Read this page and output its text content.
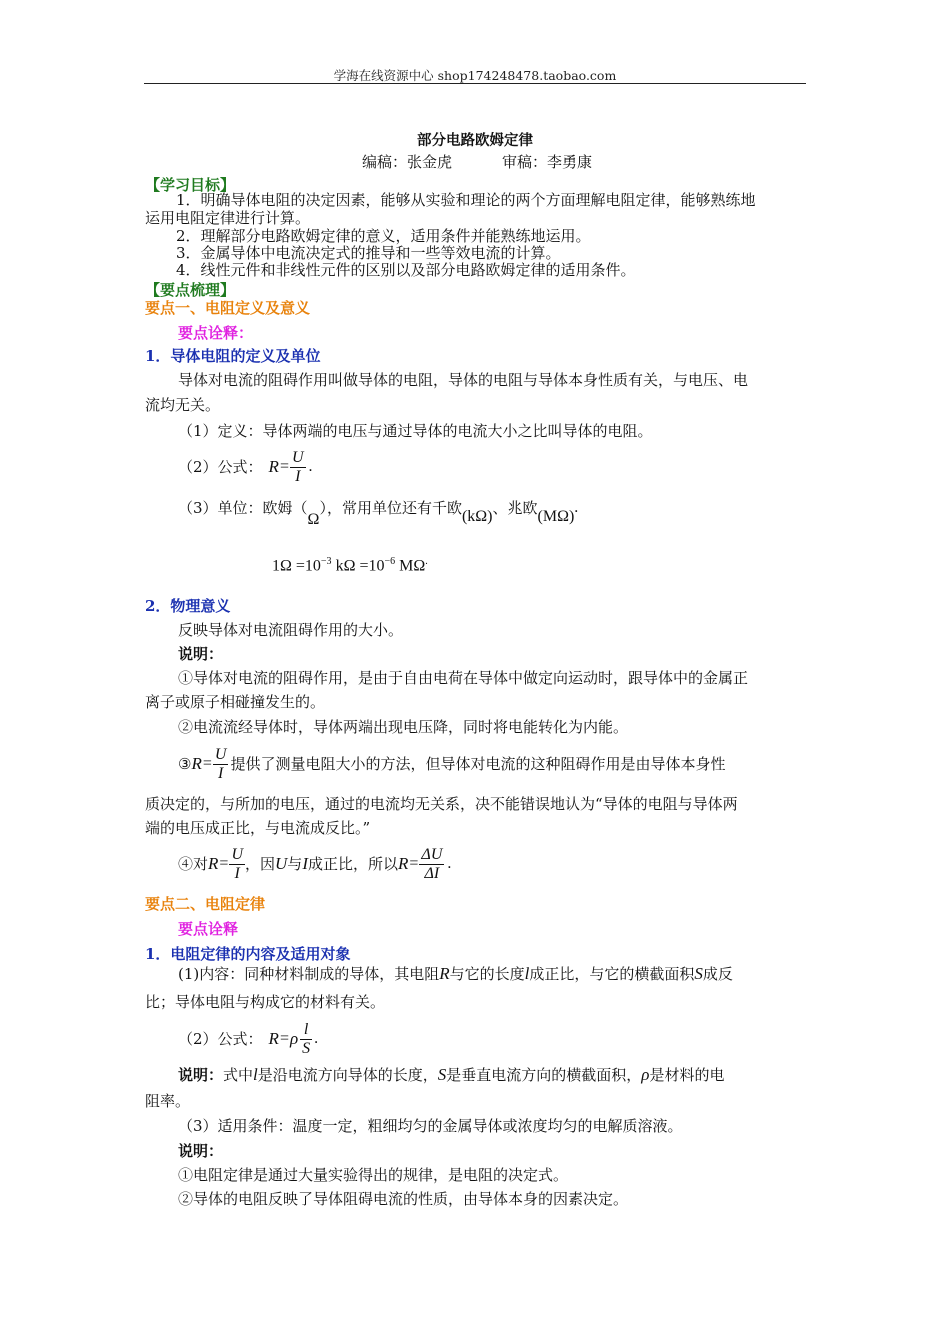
学海在线资源中心 shop174248478.taobao.com
部分电路欧姆定律
编稿：张金虎	审稿：李勇康
【学习目标】
1．明确导体电阻的决定因素，能够从实验和理论的两个方面理解电阻定律，能够熟练地
运用电阻定律进行计算。
2．理解部分电路欧姆定律的意义，适用条件并能熟练地运用。
3．金属导体中电流决定式的推导和一些等效电流的计算。
4．线性元件和非线性元件的区别以及部分电路欧姆定律的适用条件。
【要点梳理】
要点一、电阻定义及意义
要点诠释：
1．导体电阻的定义及单位
导体对电流的阻碍作用叫做导体的电阻，导体的电阻与导体本身性质有关，与电压、电
流均无关。
（1）定义：导体两端的电压与通过导体的电流大小之比叫导体的电阻。
（2）公式： $R = \frac{U}{I}$ .
（3）单位：欧姆（
Ω
），常用单位还有千欧 (kΩ) 、兆欧 (MΩ)
.
$1\Omega =10^{-3}$ $k\Omega =10^{-6}$ MΩ.
2．物理意义
反映导体对电流阻碍作用的大小。
说明：
①导体对电流的阻碍作用，是由于自由电荷在导体中做定向运动时，跟导体中的金属正
离子或原子相碰撞发生的。
②电流流经导体时，导体两端出现电压降，同时将电能转化为内能。
③ $R = \frac{U}{I}$ 提供了测量电阻大小的方法，但导体对电流的这种阻碍作用是由导体本身性
质决定的，与所加的电压，通过的电流均无关系，决不能错误地认为“导体的电阻与导体两
端的电压成正比，与电流成反比。”
④对 $R = \frac{U}{I}$ ，因 U 与 I 成正比，所以 $R = \frac{\Delta U}{\Delta I}$ .
要点二、电阻定律
要点诠释
1．电阻定律的内容及适用对象
(1)内容：同种材料制成的导体，其电阻R与它的长度l成正比，与它的横截面积S成反
比；导体电阻与构成它的材料有关。
（2）公式： R = ρ $\frac{l}{S}$ .
说明：式中l是沿电流方向导体的长度，S是垂直电流方向的横截面积，ρ是材料的电
阻率。
（3）适用条件：温度一定，粗细均匀的金属导体或浓度均匀的电解质溶液。
说明：
①电阻定律是通过大量实验得出的规律，是电阻的决定式。
②导体的电阻反映了导体阻碍电流的性质，由导体本身的因素决定。
